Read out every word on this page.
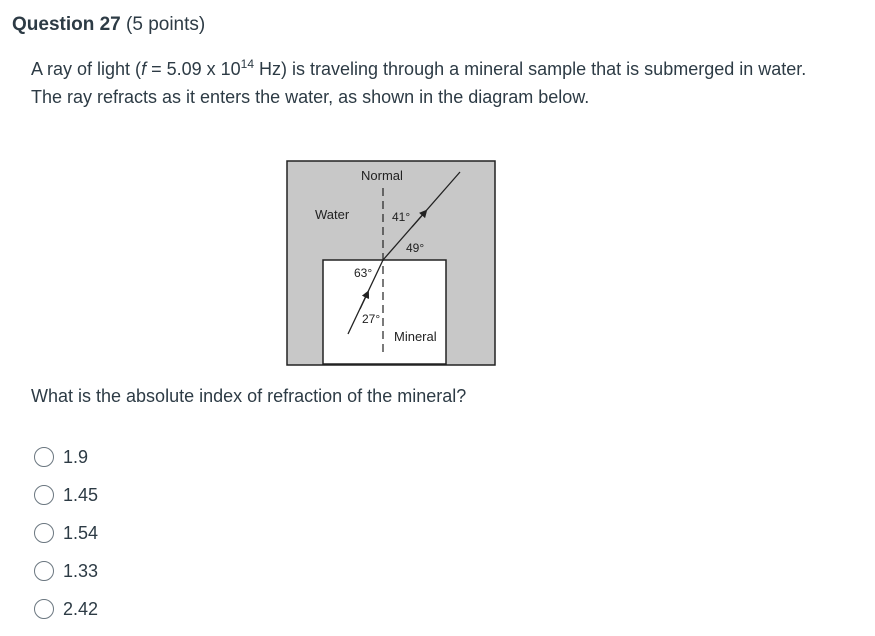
Question 27 (5 points)
A ray of light (f = 5.09 x $10^{14}$ Hz) is traveling through a mineral sample that is submerged in water. The ray refracts as it enters the water, as shown in the diagram below.
Normal
Water	41°
49°
63°
27°
Mineral
What is the absolute index of refraction of the mineral?
1.9
1.45
1.54
1.33
2.42
